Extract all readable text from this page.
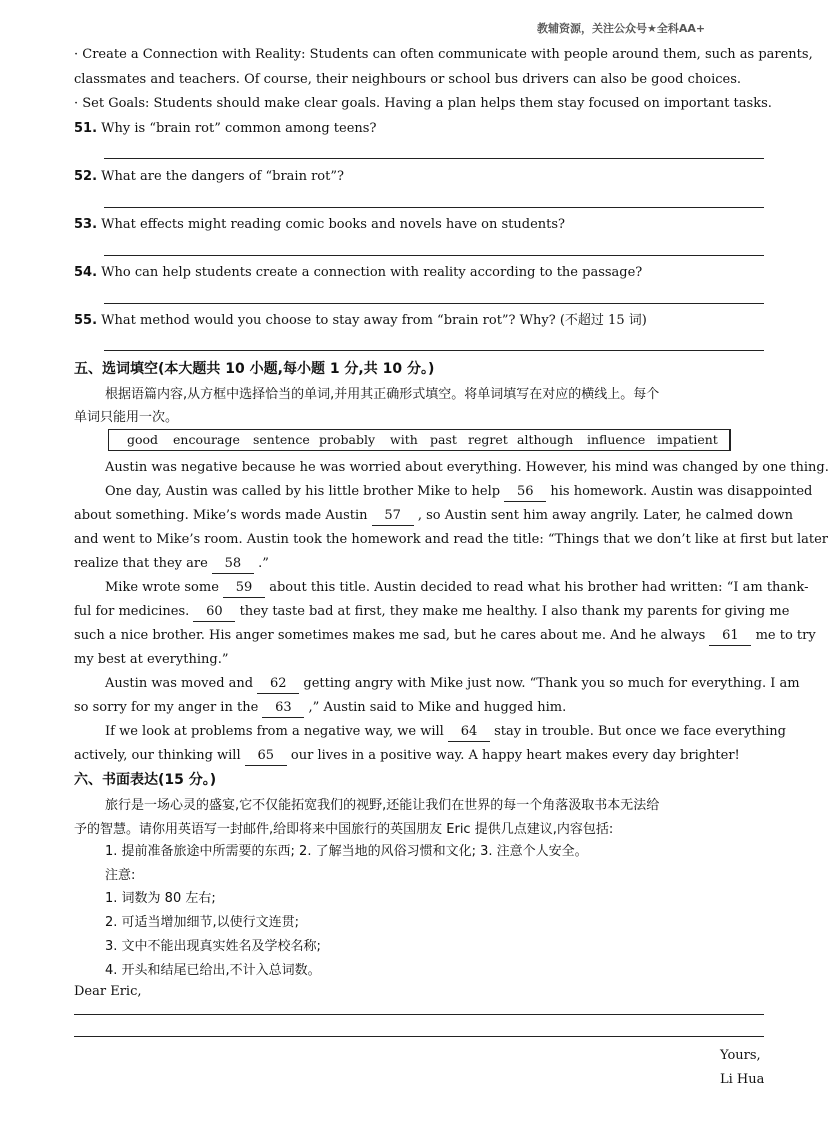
教辅资源，关注公众号★全科AA+
· Create a Connection with Reality: Students can often communicate with people around them, such as parents,
classmates and teachers. Of course, their neighbours or school bus drivers can also be good choices.
· Set Goals: Students should make clear goals. Having a plan helps them stay focused on important tasks.
51. Why is “brain rot” common among teens?
52. What are the dangers of “brain rot”?
53. What effects might reading comic books and novels have on students?
54. Who can help students create a connection with reality according to the passage?
55. What method would you choose to stay away from “brain rot”? Why? (不超过 15 词)
五、选词填空(本大题共 10 小题,每小题 1 分,共 10 分。)
根据语篇内容,从方框中选择恰当的单词,并用其正确形式填空。将单词填写在对应的横线上。每个
单词只能用一次。
good encourage sentence probably with past regret although influence impatient
Austin was negative because he was worried about everything. However, his mind was changed by one thing.
One day, Austin was called by his little brother Mike to help 56 his homework. Austin was disappointed
about something. Mike’s words made Austin 57 , so Austin sent him away angrily. Later, he calmed down
and went to Mike’s room. Austin took the homework and read the title: “Things that we don’t like at first but later
realize that they are 58 .”
Mike wrote some 59 about this title. Austin decided to read what his brother had written: “I am thank-
ful for medicines. 60 they taste bad at first, they make me healthy. I also thank my parents for giving me
such a nice brother. His anger sometimes makes me sad, but he cares about me. And he always 61 me to try
my best at everything.”
Austin was moved and 62 getting angry with Mike just now. “Thank you so much for everything. I am
so sorry for my anger in the 63 ,” Austin said to Mike and hugged him.
If we look at problems from a negative way, we will 64 stay in trouble. But once we face everything
actively, our thinking will 65 our lives in a positive way. A happy heart makes every day brighter!
六、书面表达(15 分。)
旅行是一场心灵的盛宴,它不仅能拓宽我们的视野,还能让我们在世界的每一个角落汲取书本无法给
予的智慧。请你用英语写一封邮件,给即将来中国旅行的英国朋友 Eric 提供几点建议,内容包括:
1. 提前准备旅途中所需要的东西; 2. 了解当地的风俗习惯和文化; 3. 注意个人安全。
注意:
1. 词数为 80 左右;
2. 可适当增加细节,以使行文连贯;
3. 文中不能出现真实姓名及学校名称;
4. 开头和结尾已给出,不计入总词数。
Dear Eric,
Yours,
Li Hua
